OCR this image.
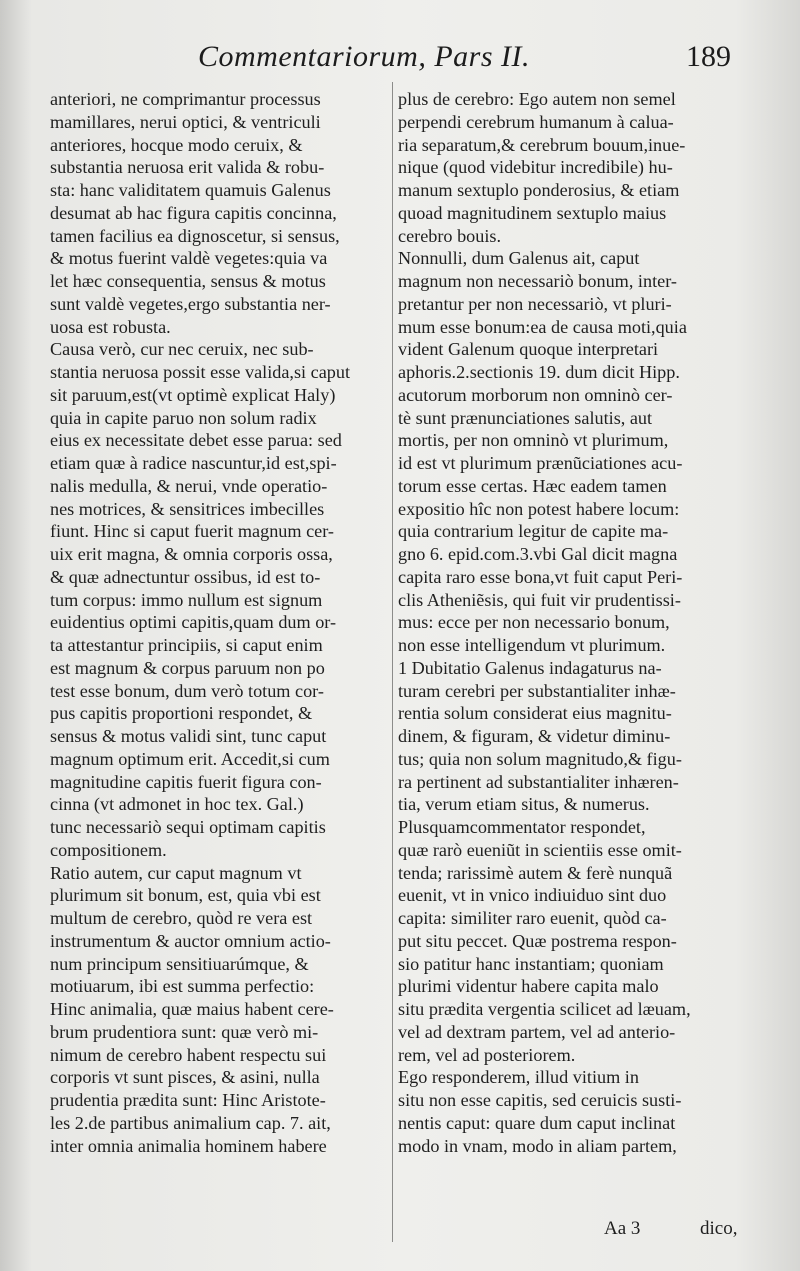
Commentariorum, Pars II.	189
anteriori, ne comprimantur processus
mamillares, nerui optici, & ventriculi
anteriores, hocque modo ceruix, &
substantia neruosa erit valida & robu-
sta: hanc validitatem quamuis Galenus
desumat ab hac figura capitis concinna,
tamen facilius ea dignoscetur, si sensus,
& motus fuerint valdè vegetes:quia va
let hæc consequentia, sensus & motus
sunt valdè vegetes,ergo substantia ner-
uosa est robusta.
Causa verò, cur nec ceruix, nec sub-
stantia neruosa possit esse valida,si caput
sit paruum,est(vt optimè explicat Haly)
quia in capite paruo non solum radix
eius ex necessitate debet esse parua: sed
etiam quæ à radice nascuntur,id est,spi-
nalis medulla, & nerui, vnde operatio-
nes motrices, & sensitrices imbecilles
fiunt. Hinc si caput fuerit magnum cer-
uix erit magna, & omnia corporis ossa,
& quæ adnectuntur ossibus, id est to-
tum corpus: immo nullum est signum
euidentius optimi capitis,quam dum or-
ta attestantur principiis, si caput enim
est magnum & corpus paruum non po
test esse bonum, dum verò totum cor-
pus capitis proportioni respondet, &
sensus & motus validi sint, tunc caput
magnum optimum erit. Accedit,si cum
magnitudine capitis fuerit figura con-
cinna (vt admonet in hoc tex. Gal.)
tunc necessariò sequi optimam capitis
compositionem.
Ratio autem, cur caput magnum vt
plurimum sit bonum, est, quia vbi est
multum de cerebro, quòd re vera est
instrumentum & auctor omnium actio-
num principum sensitiuarúmque, &
motiuarum, ibi est summa perfectio:
Hinc animalia, quæ maius habent cere-
brum prudentiora sunt: quæ verò mi-
nimum de cerebro habent respectu sui
corporis vt sunt pisces, & asini, nulla
prudentia prædita sunt: Hinc Aristote-
les 2.de partibus animalium cap. 7. ait,
inter omnia animalia hominem habere
plus de cerebro: Ego autem non semel
perpendi cerebrum humanum à calua-
ria separatum,& cerebrum bouum,inue-
nique (quod videbitur incredibile) hu-
manum sextuplo ponderosius, & etiam
quoad magnitudinem sextuplo maius
cerebro bouis.
Nonnulli, dum Galenus ait, caput
magnum non necessariò bonum, inter-
pretantur per non necessariò, vt pluri-
mum esse bonum:ea de causa moti,quia
vident Galenum quoque interpretari
aphoris.2.sectionis 19. dum dicit Hipp.
acutorum morborum non omninò cer-
tè sunt prænunciationes salutis, aut
mortis, per non omninò vt plurimum,
id est vt plurimum prænũciationes acu-
torum esse certas. Hæc eadem tamen
expositio hîc non potest habere locum:
quia contrarium legitur de capite ma-
gno 6. epid.com.3.vbi Gal dicit magna
capita raro esse bona,vt fuit caput Peri-
clis Atheniẽsis, qui fuit vir prudentissi-
mus: ecce per non necessario bonum,
non esse intelligendum vt plurimum.
1 Dubitatio Galenus indagaturus na-
turam cerebri per substantialiter inhæ-
rentia solum considerat eius magnitu-
dinem, & figuram, & videtur diminu-
tus; quia non solum magnitudo,& figu-
ra pertinent ad substantialiter inhæren-
tia, verum etiam situs, & numerus.
Plusquamcommentator respondet,
quæ rarò eueniũt in scientiis esse omit-
tenda; rarissimè autem & ferè nunquã
euenit, vt in vnico indiuiduo sint duo
capita: similiter raro euenit, quòd ca-
put situ peccet. Quæ postrema respon-
sio patitur hanc instantiam; quoniam
plurimi videntur habere capita malo
situ prædita vergentia scilicet ad læuam,
vel ad dextram partem, vel ad anterio-
rem, vel ad posteriorem.
Ego responderem, illud vitium in
situ non esse capitis, sed ceruicis susti-
nentis caput: quare dum caput inclinat
modo in vnam, modo in aliam partem,
Aa 3	dico,
